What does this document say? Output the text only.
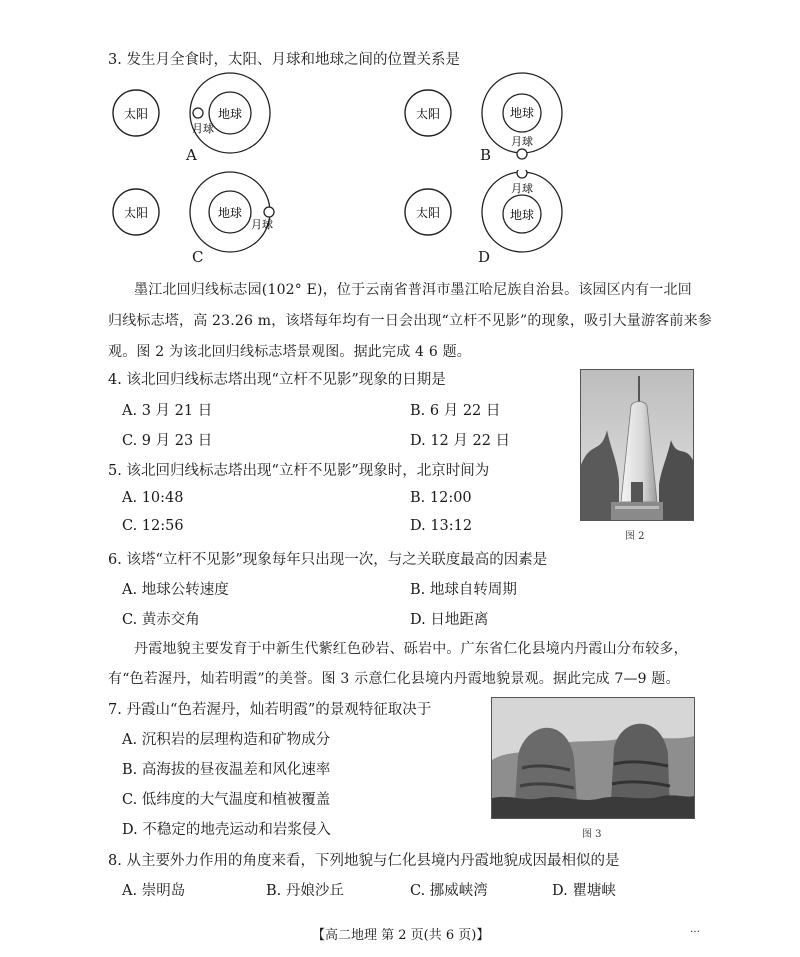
3. 发生月全食时，太阳、月球和地球之间的位置关系是
太阳	地球
月球
A
太阳	地球
月球
B
太阳	地球
月球
C
太阳	地球
月球
D
墨江北回归线标志园(102° E)，位于云南省普洱市墨江哈尼族自治县。该园区内有一北回
归线标志塔，高 23.26 m，该塔每年均有一日会出现“立杆不见影”的现象，吸引大量游客前来参
观。图 2 为该北回归线标志塔景观图。据此完成 4 6 题。
4. 该北回归线标志塔出现“立杆不见影”现象的日期是
A. 3 月 21 日	B. 6 月 22 日
C. 9 月 23 日	D. 12 月 22 日
5. 该北回归线标志塔出现“立杆不见影”现象时，北京时间为
A. 10:48	B. 12:00
C. 12:56	D. 13:12
图 2
6. 该塔“立杆不见影”现象每年只出现一次，与之关联度最高的因素是
A. 地球公转速度	B. 地球自转周期
C. 黄赤交角	D. 日地距离
丹霞地貌主要发育于中新生代紫红色砂岩、砾岩中。广东省仁化县境内丹霞山分布较多，
有“色若渥丹，灿若明霞”的美誉。图 3 示意仁化县境内丹霞地貌景观。据此完成 7—9 题。
7. 丹霞山“色若渥丹，灿若明霞”的景观特征取决于
A. 沉积岩的层理构造和矿物成分
B. 高海拔的昼夜温差和风化速率
C. 低纬度的大气温度和植被覆盖
D. 不稳定的地壳运动和岩浆侵入	图 3
8. 从主要外力作用的角度来看，下列地貌与仁化县境内丹霞地貌成因最相似的是
A. 崇明岛	B. 丹娘沙丘	C. 挪威峡湾	D. 瞿塘峡
【高二地理 第 2 页(共 6 页)】	…
